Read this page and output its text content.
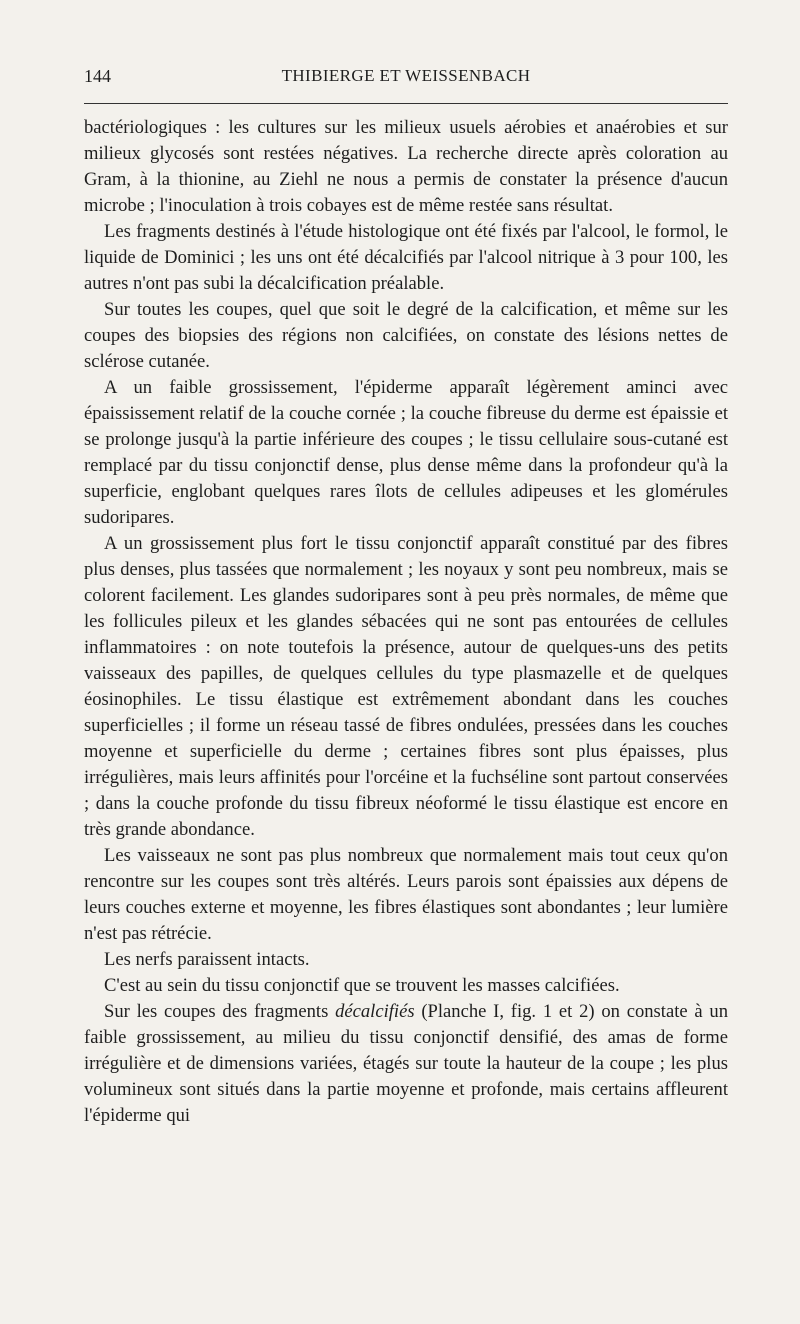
144	THIBIERGE ET WEISSENBACH

bactériologiques : les cultures sur les milieux usuels aérobies et anaérobies et sur milieux glycosés sont restées négatives. La recherche directe après coloration au Gram, à la thionine, au Ziehl ne nous a permis de constater la présence d'aucun microbe ; l'inoculation à trois cobayes est de même restée sans résultat.

Les fragments destinés à l'étude histologique ont été fixés par l'alcool, le formol, le liquide de Dominici ; les uns ont été décalcifiés par l'alcool nitrique à 3 pour 100, les autres n'ont pas subi la décalcification préalable.

Sur toutes les coupes, quel que soit le degré de la calcification, et même sur les coupes des biopsies des régions non calcifiées, on constate des lésions nettes de sclérose cutanée.

A un faible grossissement, l'épiderme apparaît légèrement aminci avec épaississement relatif de la couche cornée ; la couche fibreuse du derme est épaissie et se prolonge jusqu'à la partie inférieure des coupes ; le tissu cellulaire sous-cutané est remplacé par du tissu conjonctif dense, plus dense même dans la profondeur qu'à la superficie, englobant quelques rares îlots de cellules adipeuses et les glomérules sudoripares.

A un grossissement plus fort le tissu conjonctif apparaît constitué par des fibres plus denses, plus tassées que normalement ; les noyaux y sont peu nombreux, mais se colorent facilement. Les glandes sudoripares sont à peu près normales, de même que les follicules pileux et les glandes sébacées qui ne sont pas entourées de cellules inflammatoires : on note toutefois la présence, autour de quelques-uns des petits vaisseaux des papilles, de quelques cellules du type plasmazelle et de quelques éosinophiles. Le tissu élastique est extrêmement abondant dans les couches superficielles ; il forme un réseau tassé de fibres ondulées, pressées dans les couches moyenne et superficielle du derme ; certaines fibres sont plus épaisses, plus irrégulières, mais leurs affinités pour l'orcéine et la fuchséline sont partout conservées ; dans la couche profonde du tissu fibreux néoformé le tissu élastique est encore en très grande abondance.

Les vaisseaux ne sont pas plus nombreux que normalement mais tout ceux qu'on rencontre sur les coupes sont très altérés. Leurs parois sont épaissies aux dépens de leurs couches externe et moyenne, les fibres élastiques sont abondantes ; leur lumière n'est pas rétrécie.

Les nerfs paraissent intacts.

C'est au sein du tissu conjonctif que se trouvent les masses calcifiées.

Sur les coupes des fragments décalcifiés (Planche I, fig. 1 et 2) on constate à un faible grossissement, au milieu du tissu conjonctif densifié, des amas de forme irrégulière et de dimensions variées, étagés sur toute la hauteur de la coupe ; les plus volumineux sont situés dans la partie moyenne et profonde, mais certains affleurent l'épiderme qui
